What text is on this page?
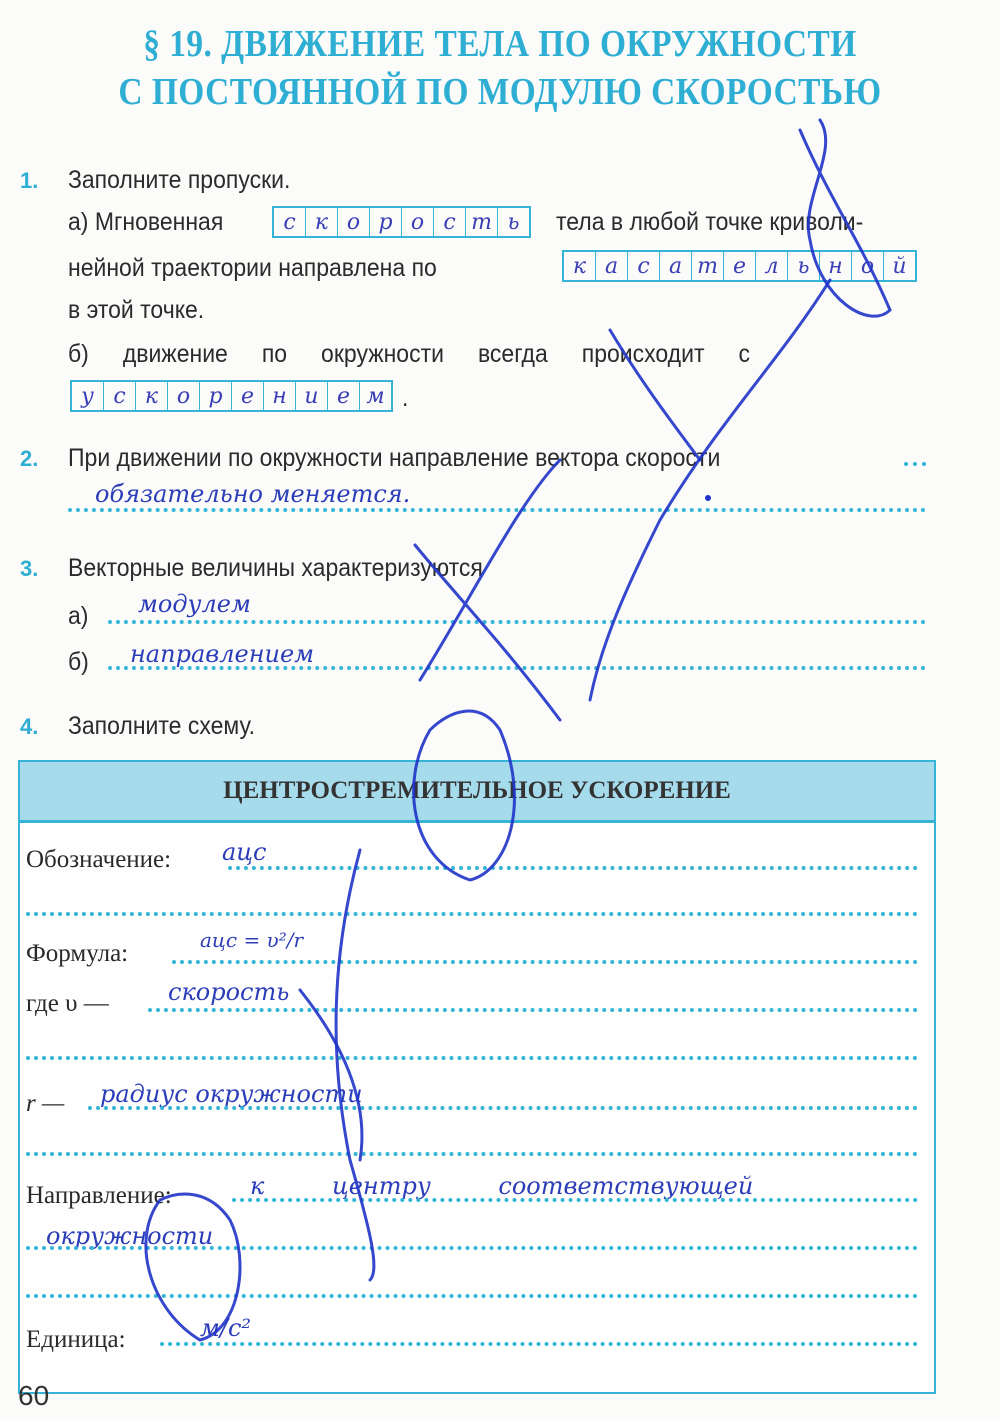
§ 19. ДВИЖЕНИЕ ТЕЛА ПО ОКРУЖНОСТИ
С ПОСТОЯННОЙ ПО МОДУЛЮ СКОРОСТЬЮ
1. Заполните пропуски.
а) Мгновенная	с к о р о с т ь	тела в любой точке криволи-
нейной траектории направлена по	к а с а т е л ь н о й
в этой точке.
б) движение по окружности всегда происходит с
у с к о р е н и е м .
2. При движении по окружности направление вектора скорости
обязательно меняется.
3. Векторные величины характеризуются
а) модулем
б) направлением
4. Заполните схему.
ЦЕНТРОСТРЕМИТЕЛЬНОЕ УСКОРЕНИЕ
Обозначение: aцс
Формула:	aцс = υ²/r
где υ — скорость
r — радиус окружности
Направление:	к центру соответствующей
окружности
Единица:	м/с²
60
